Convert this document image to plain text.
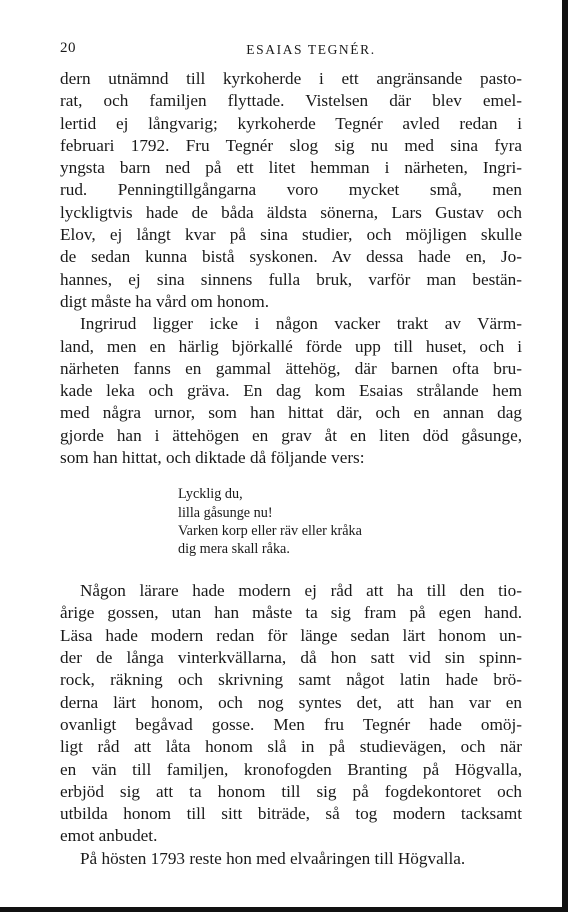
20	ESAIAS TEGNÉR.
dern utnämnd till kyrkoherde i ett angränsande pasto-
rat, och familjen flyttade. Vistelsen där blev emel-
lertid ej långvarig; kyrkoherde Tegnér avled redan i
februari 1792. Fru Tegnér slog sig nu med sina fyra
yngsta barn ned på ett litet hemman i närheten, Ingri-
rud. Penningtillgångarna voro mycket små, men
lyckligtvis hade de båda äldsta sönerna, Lars Gustav och
Elov, ej långt kvar på sina studier, och möjligen skulle
de sedan kunna bistå syskonen. Av dessa hade en, Jo-
hannes, ej sina sinnens fulla bruk, varför man bestän-
digt måste ha vård om honom.
Ingrirud ligger icke i någon vacker trakt av Värm-
land, men en härlig björkallé förde upp till huset, och i
närheten fanns en gammal ättehög, där barnen ofta bru-
kade leka och gräva. En dag kom Esaias strålande hem
med några urnor, som han hittat där, och en annan dag
gjorde han i ättehögen en grav åt en liten död gåsunge,
som han hittat, och diktade då följande vers:
Lycklig du,
lilla gåsunge nu!
Varken korp eller räv eller kråka
dig mera skall råka.
Någon lärare hade modern ej råd att ha till den tio-
årige gossen, utan han måste ta sig fram på egen hand.
Läsa hade modern redan för länge sedan lärt honom un-
der de långa vinterkvällarna, då hon satt vid sin spinn-
rock, räkning och skrivning samt något latin hade brö-
derna lärt honom, och nog syntes det, att han var en
ovanligt begåvad gosse. Men fru Tegnér hade omöj-
ligt råd att låta honom slå in på studievägen, och när
en vän till familjen, kronofogden Branting på Högvalla,
erbjöd sig att ta honom till sig på fogdekontoret och
utbilda honom till sitt biträde, så tog modern tacksamt
emot anbudet.
På hösten 1793 reste hon med elvaåringen till Högvalla.
